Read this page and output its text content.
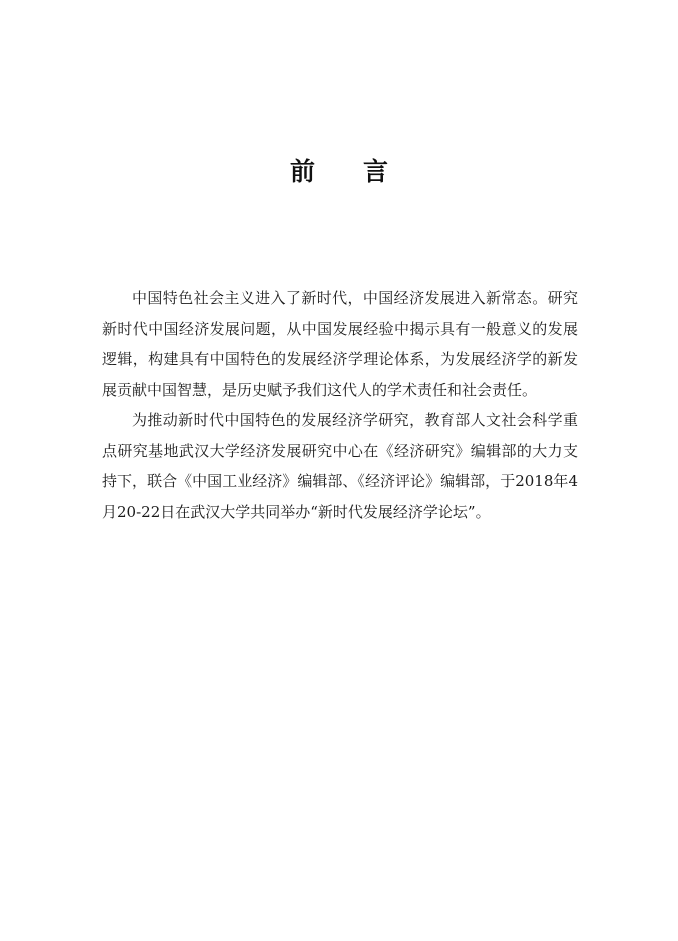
前言

中国特色社会主义进入了新时代，中国经济发展进入新常态。研究新时代中国经济发展问题，从中国发展经验中揭示具有一般意义的发展逻辑，构建具有中国特色的发展经济学理论体系，为发展经济学的新发展贡献中国智慧，是历史赋予我们这代人的学术责任和社会责任。

为推动新时代中国特色的发展经济学研究，教育部人文社会科学重点研究基地武汉大学经济发展研究中心在《经济研究》编辑部的大力支持下，联合《中国工业经济》编辑部、《经济评论》编辑部，于2018年4月20-22日在武汉大学共同举办“新时代发展经济学论坛”。
